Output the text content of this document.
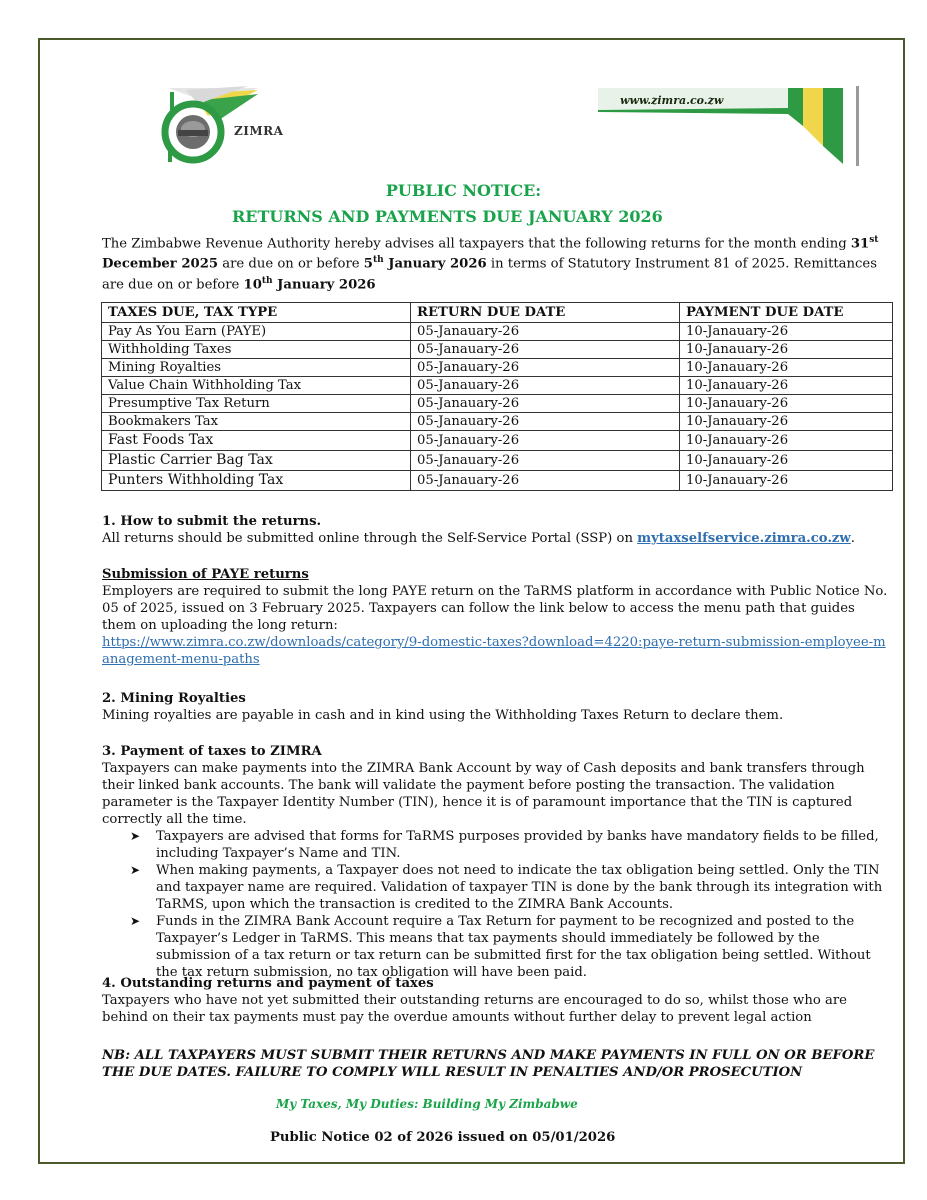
ZIMRA
www.zimra.co.zw
PUBLIC NOTICE:
RETURNS AND PAYMENTS DUE JANUARY 2026
The Zimbabwe Revenue Authority hereby advises all taxpayers that the following returns for the month ending 31st December 2025 are due on or before 5th January 2026 in terms of Statutory Instrument 81 of 2025. Remittances are due on or before 10th January 2026
TAXES DUE, TAX TYPE	RETURN DUE DATE	PAYMENT DUE DATE
Pay As You Earn (PAYE)	05-Janauary-26	10-Janauary-26
Withholding Taxes	05-Janauary-26	10-Janauary-26
Mining Royalties	05-Janauary-26	10-Janauary-26
Value Chain Withholding Tax	05-Janauary-26	10-Janauary-26
Presumptive Tax Return	05-Janauary-26	10-Janauary-26
Bookmakers Tax	05-Janauary-26	10-Janauary-26
Fast Foods Tax	05-Janauary-26	10-Janauary-26
Plastic Carrier Bag Tax	05-Janauary-26	10-Janauary-26
Punters Withholding Tax	05-Janauary-26	10-Janauary-26
1. How to submit the returns.
All returns should be submitted online through the Self-Service Portal (SSP) on mytaxselfservice.zimra.co.zw.
Submission of PAYE returns
Employers are required to submit the long PAYE return on the TaRMS platform in accordance with Public Notice No. 05 of 2025, issued on 3 February 2025. Taxpayers can follow the link below to access the menu path that guides them on uploading the long return:
https://www.zimra.co.zw/downloads/category/9-domestic-taxes?download=4220:paye-return-submission-employee-management-menu-paths
2. Mining Royalties
Mining royalties are payable in cash and in kind using the Withholding Taxes Return to declare them.
3. Payment of taxes to ZIMRA
Taxpayers can make payments into the ZIMRA Bank Account by way of Cash deposits and bank transfers through their linked bank accounts. The bank will validate the payment before posting the transaction. The validation parameter is the Taxpayer Identity Number (TIN), hence it is of paramount importance that the TIN is captured correctly all the time.
➤ Taxpayers are advised that forms for TaRMS purposes provided by banks have mandatory fields to be filled, including Taxpayer’s Name and TIN.
➤ When making payments, a Taxpayer does not need to indicate the tax obligation being settled. Only the TIN and taxpayer name are required. Validation of taxpayer TIN is done by the bank through its integration with TaRMS, upon which the transaction is credited to the ZIMRA Bank Accounts.
➤ Funds in the ZIMRA Bank Account require a Tax Return for payment to be recognized and posted to the Taxpayer’s Ledger in TaRMS. This means that tax payments should immediately be followed by the submission of a tax return or tax return can be submitted first for the tax obligation being settled. Without the tax return submission, no tax obligation will have been paid.
4. Outstanding returns and payment of taxes
Taxpayers who have not yet submitted their outstanding returns are encouraged to do so, whilst those who are behind on their tax payments must pay the overdue amounts without further delay to prevent legal action
NB: ALL TAXPAYERS MUST SUBMIT THEIR RETURNS AND MAKE PAYMENTS IN FULL ON OR BEFORE THE DUE DATES. FAILURE TO COMPLY WILL RESULT IN PENALTIES AND/OR PROSECUTION
My Taxes, My Duties: Building My Zimbabwe
Public Notice 02 of 2026 issued on 05/01/2026
